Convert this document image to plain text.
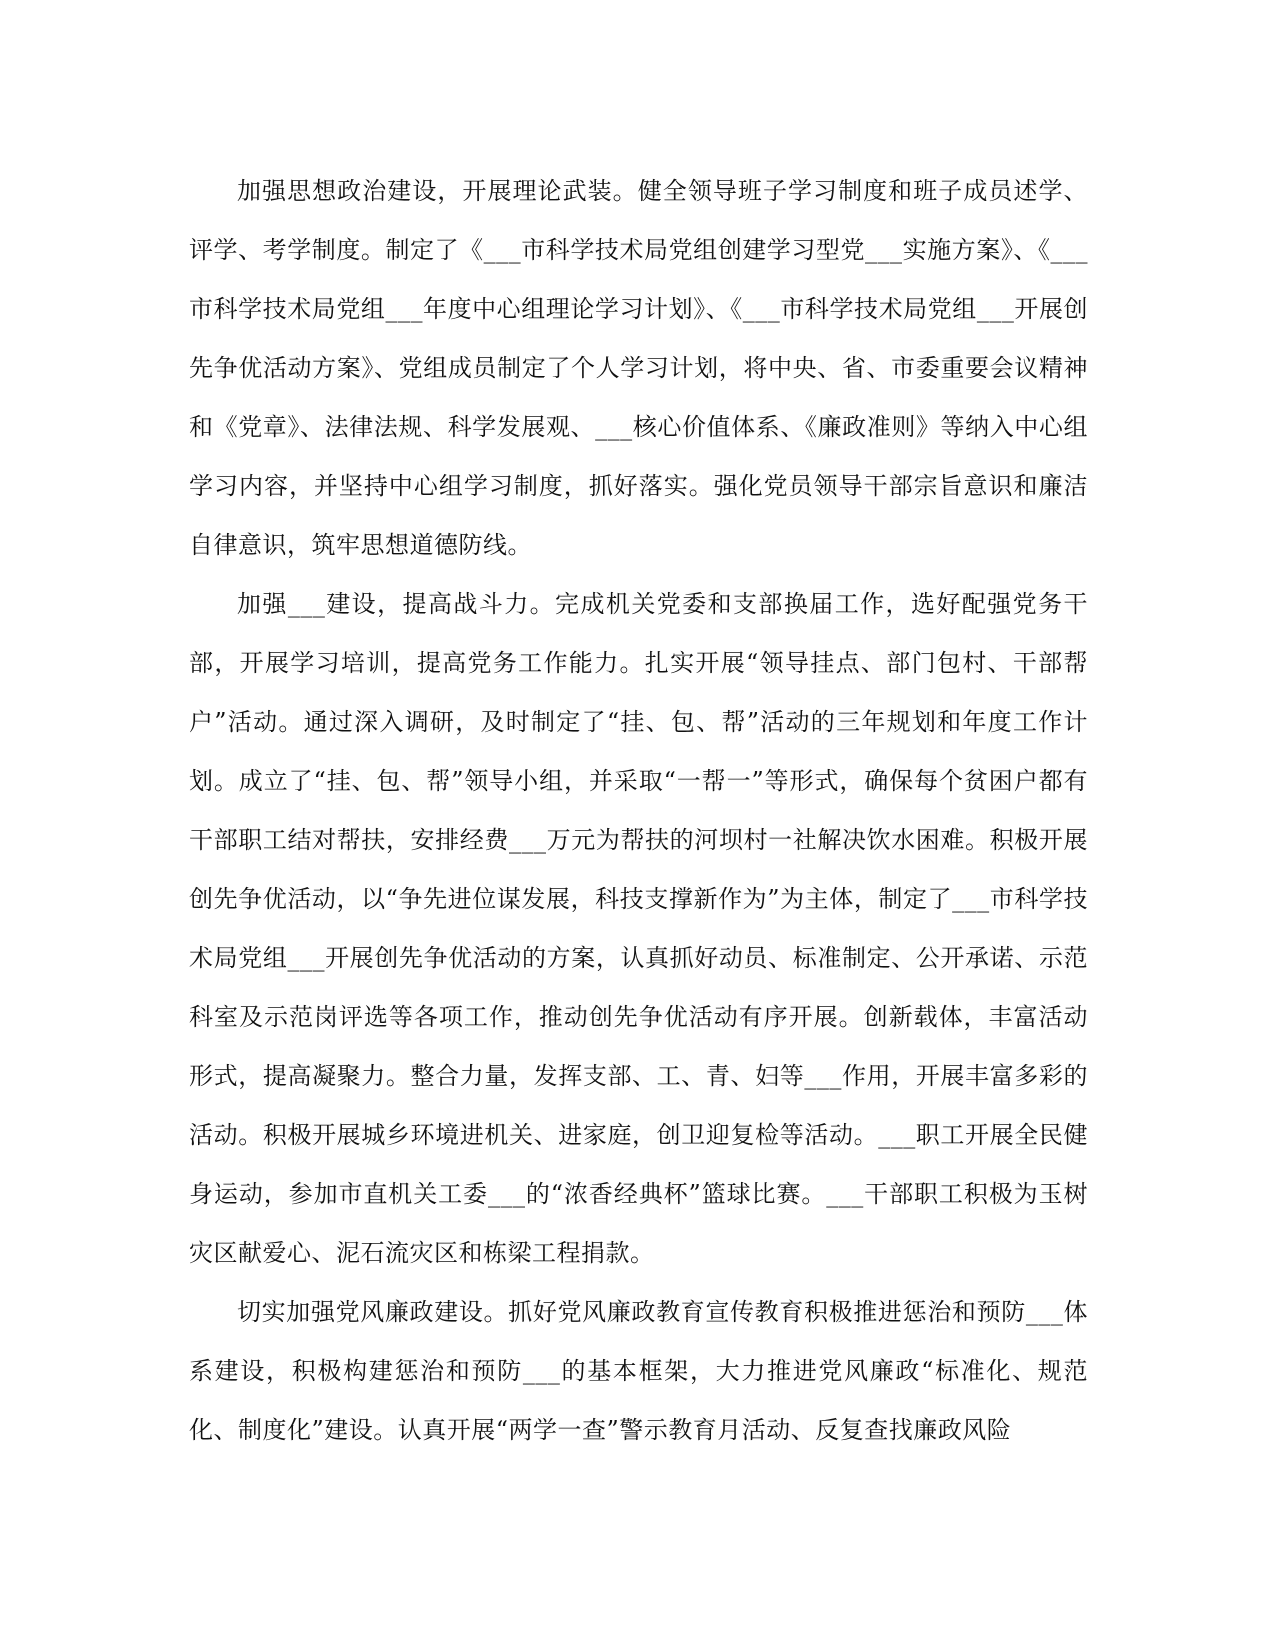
加强思想政治建设，开展理论武装。健全领导班子学习制度和班子成员述学、评学、考学制度。制定了《___市科学技术局党组创建学习型党___实施方案》、《___市科学技术局党组___年度中心组理论学习计划》、《___市科学技术局党组___开展创先争优活动方案》、党组成员制定了个人学习计划，将中央、省、市委重要会议精神和《党章》、法律法规、科学发展观、___核心价值体系、《廉政准则》等纳入中心组学习内容，并坚持中心组学习制度，抓好落实。强化党员领导干部宗旨意识和廉洁自律意识，筑牢思想道德防线。

加强___建设，提高战斗力。完成机关党委和支部换届工作，选好配强党务干部，开展学习培训，提高党务工作能力。扎实开展“领导挂点、部门包村、干部帮户”活动。通过深入调研，及时制定了“挂、包、帮”活动的三年规划和年度工作计划。成立了“挂、包、帮”领导小组，并采取“一帮一”等形式，确保每个贫困户都有干部职工结对帮扶，安排经费___万元为帮扶的河坝村一社解决饮水困难。积极开展创先争优活动，以“争先进位谋发展，科技支撑新作为”为主体，制定了___市科学技术局党组___开展创先争优活动的方案，认真抓好动员、标准制定、公开承诺、示范科室及示范岗评选等各项工作，推动创先争优活动有序开展。创新载体，丰富活动形式，提高凝聚力。整合力量，发挥支部、工、青、妇等___作用，开展丰富多彩的活动。积极开展城乡环境进机关、进家庭，创卫迎复检等活动。___职工开展全民健身运动，参加市直机关工委___的“浓香经典杯”篮球比赛。___干部职工积极为玉树灾区献爱心、泥石流灾区和栋梁工程捐款。

切实加强党风廉政建设。抓好党风廉政教育宣传教育积极推进惩治和预防___体系建设，积极构建惩治和预防___的基本框架，大力推进党风廉政“标准化、规范化、制度化”建设。认真开展“两学一查”警示教育月活动、反复查找廉政风险
